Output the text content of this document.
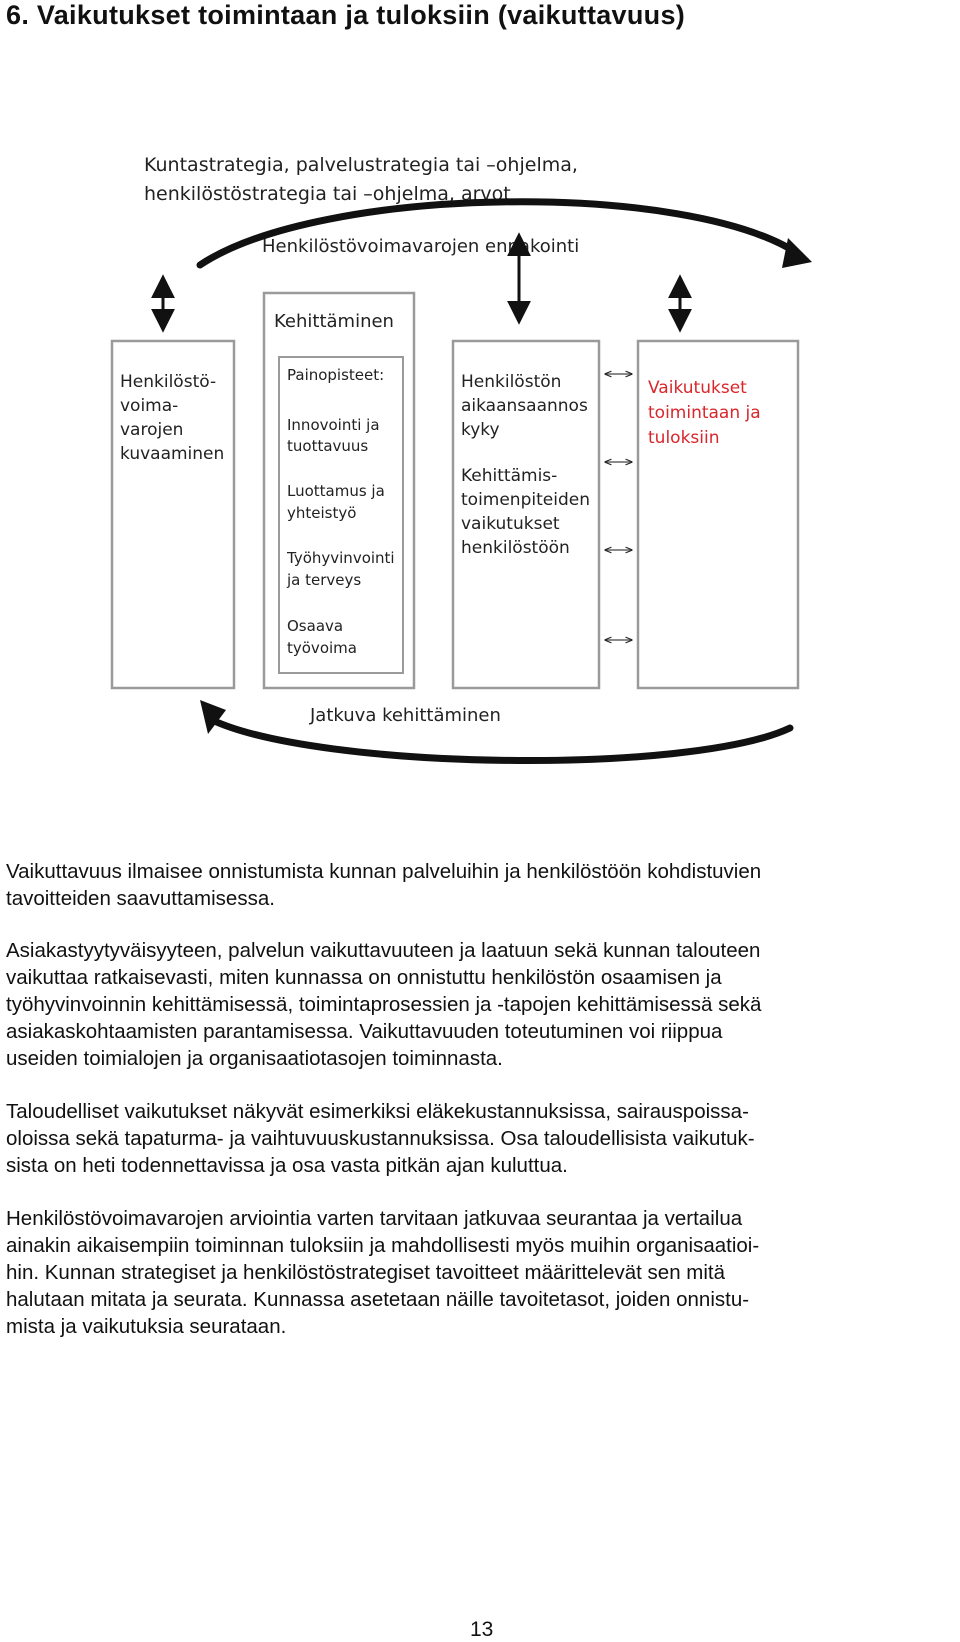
6. Vaikutukset toimintaan ja tuloksiin (vaikuttavuus)
Kuntastrategia, palvelustrategia tai –ohjelma,
henkilöstöstrategia tai –ohjelma, arvot
Henkilöstövoimavarojen ennakointi
Henkilöstö-
voima-
varojen
kuvaaminen
Kehittäminen
Painopisteet:
Innovointi ja
tuottavuus
Luottamus ja
yhteistyö
Työhyvinvointi
ja terveys
Osaava
työvoima
Henkilöstön
aikaansaannos
kyky
Kehittämis-
toimenpiteiden
vaikutukset
henkilöstöön
Vaikutukset
toimintaan ja
tuloksiin
Jatkuva kehittäminen

Vaikuttavuus ilmaisee onnistumista kunnan palveluihin ja henkilöstöön kohdistuvien
tavoitteiden saavuttamisessa.

Asiakastyytyväisyyteen, palvelun vaikuttavuuteen ja laatuun sekä kunnan talouteen
vaikuttaa ratkaisevasti, miten kunnassa on onnistuttu henkilöstön osaamisen ja
työhyvinvoinnin kehittämisessä, toimintaprosessien ja -tapojen kehittämisessä sekä
asiakaskohtaamisten parantamisessa. Vaikuttavuuden toteutuminen voi riippua
useiden toimialojen ja organisaatiotasojen toiminnasta.

Taloudelliset vaikutukset näkyvät esimerkiksi eläkekustannuksissa, sairauspoissa-
oloissa sekä tapaturma- ja vaihtuvuuskustannuksissa. Osa taloudellisista vaikutuk-
sista on heti todennettavissa ja osa vasta pitkän ajan kuluttua.

Henkilöstövoimavarojen arviointia varten tarvitaan jatkuvaa seurantaa ja vertailua
ainakin aikaisempiin toiminnan tuloksiin ja mahdollisesti myös muihin organisaatioi-
hin. Kunnan strategiset ja henkilöstöstrategiset tavoitteet määrittelevät sen mitä
halutaan mitata ja seurata. Kunnassa asetetaan näille tavoitetasot, joiden onnistu-
mista ja vaikutuksia seurataan.

13
